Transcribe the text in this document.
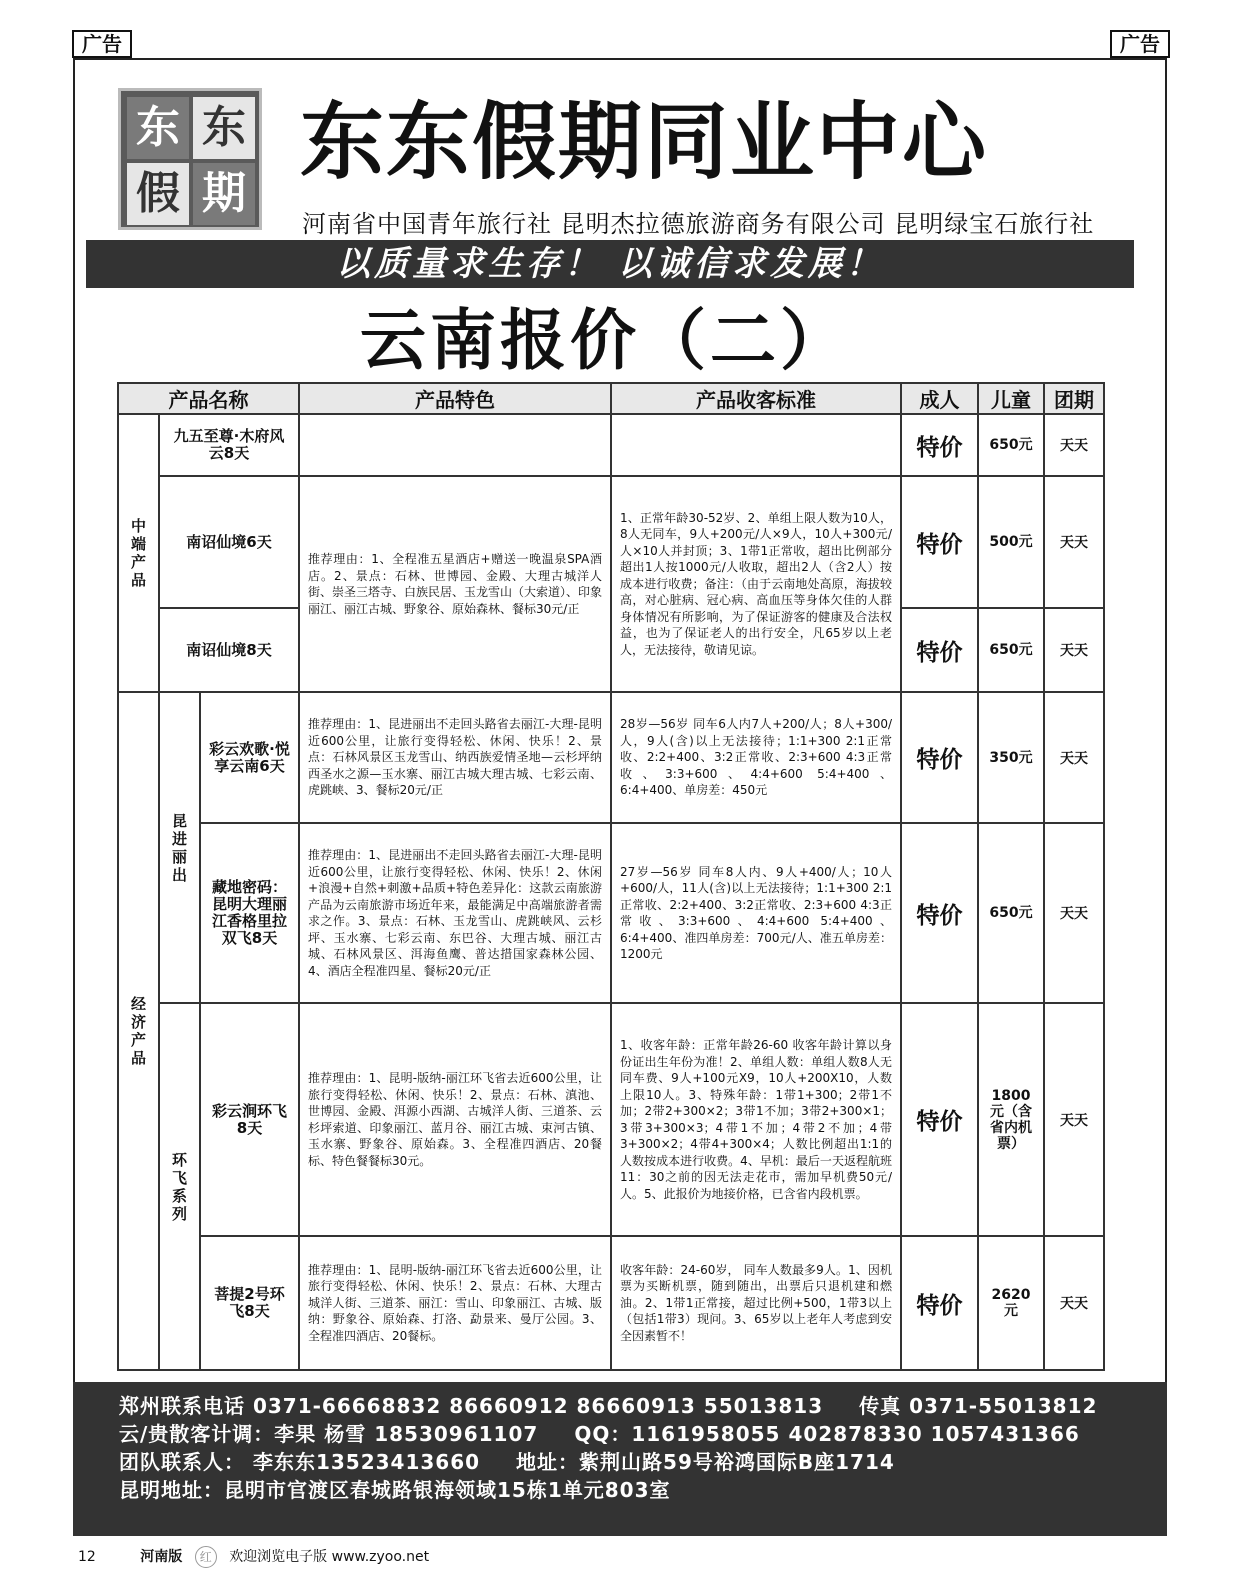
广告	广告
东 东
假 期
东东假期同业中心
河南省中国青年旅行社 昆明杰拉德旅游商务有限公司 昆明绿宝石旅行社
以质量求生存！ 以诚信求发展！
云南报价（二）
产品名称			产品特色	产品收客标准	成人	儿童	团期

中端产品	九五至尊·木府风云8天				特价	650元	天天
	南诏仙境6天		推荐理由：1、全程准五星酒店+赠送一晚温泉SPA酒店。2、景点：石林、世博园、金殿、大理古城洋人街、崇圣三塔寺、白族民居、玉龙雪山（大索道）、印象丽江、丽江古城、野象谷、原始森林、餐标30元/正	1、正常年龄30-52岁、2、单组上限人数为10人，8人无同车，9人+200元/人×9人，10人+300元/人×10人并封顶；3、1带1正常收，超出比例部分超出1人按1000元/人收取，超出2人（含2人）按成本进行收费；备注：（由于云南地处高原，海拔较高，对心脏病、冠心病、高血压等身体欠佳的人群身体情况有所影响，为了保证游客的健康及合法权益，也为了保证老人的出行安全，凡65岁以上老人，无法接待，敬请见谅。	特价	500元	天天
	南诏仙境8天				特价	650元	天天

经济产品	昆进丽出	彩云欢歌·悦享云南6天	推荐理由：1、昆进丽出不走回头路省去丽江-大理-昆明近600公里，让旅行变得轻松、休闲、快乐！2、景点：石林风景区玉龙雪山、纳西族爱情圣地—云杉坪纳西圣水之源—玉水寨、丽江古城大理古城、七彩云南、虎跳峡、3、餐标20元/正	28岁—56岁 同车6人内7人+200/人；8人+300/人，9人(含)以上无法接待；1:1+300 2:1正常收、2:2+400、3:2正常收、2:3+600 4:3正常收、3:3+600、4:4+600 5:4+400、6:4+400、单房差：450元	特价	350元	天天
		藏地密码：昆明大理丽江香格里拉双飞8天	推荐理由：1、昆进丽出不走回头路省去丽江-大理-昆明近600公里，让旅行变得轻松、休闲、快乐！2、休闲+浪漫+自然+刺激+品质+特色差异化：这款云南旅游产品为云南旅游市场近年来，最能满足中高端旅游者需求之作。3、景点：石林、玉龙雪山、虎跳峡风、云杉坪、玉水寨、七彩云南、东巴谷、大理古城、丽江古城、石林风景区、洱海鱼鹰、普达措国家森林公园、4、酒店全程准四星、餐标20元/正	27岁—56岁 同车8人内、9人+400/人；10人+600/人，11人(含)以上无法接待；1:1+300 2:1正常收、2:2+400、3:2正常收、2:3+600 4:3正常收、3:3+600、4:4+600 5:4+400、6:4+400、准四单房差：700元/人、准五单房差：1200元	特价	650元	天天

	环飞系列	彩云涧环飞8天	推荐理由：1、昆明-版纳-丽江环飞省去近600公里，让旅行变得轻松、休闲、快乐！2、景点：石林、滇池、世博园、金殿、洱源小西湖、古城洋人街、三道茶、云杉坪索道、印象丽江、蓝月谷、丽江古城、束河古镇、玉水寨、野象谷、原始森。3、全程准四酒店、20餐标、特色餐餐标30元。	1、收客年龄：正常年龄26-60 收客年龄计算以身份证出生年份为准！2、单组人数：单组人数8人无同车费、9人+100元X9，10人+200X10，人数上限10人。3、特殊年龄：1带1+300；2带1不加；2带2+300×2；3带1不加；3带2+300×1；3带3+300×3；4带1不加；4带2不加；4带3+300×2；4带4+300×4；人数比例超出1:1的人数按成本进行收费。4、早机：最后一天返程航班11：30之前的因无法走花市，需加早机费50元/人。5、此报价为地接价格，已含省内段机票。	特价	1800元（含省内机票）	天天
		菩提2号环飞8天	推荐理由：1、昆明-版纳-丽江环飞省去近600公里，让旅行变得轻松、休闲、快乐！2、景点：石林、大理古城洋人街、三道茶、丽江：雪山、印象丽江、古城、版纳：野象谷、原始森、打洛、勐景来、曼厅公园。3、全程准四酒店、20餐标。	收客年龄：24-60岁， 同车人数最多9人。1、因机票为买断机票，随到随出，出票后只退机建和燃油。2、1带1正常接，超过比例+500，1带3以上（包括1带3）现问。3、65岁以上老年人考虑到安全因素暂不！	特价	2620元	天天
郑州联系电话 0371-66668832 86660912 86660913 55013813 传真 0371-55013812
云/贵散客计调：李果 杨雪 18530961107 QQ：1161958055 402878330 1057431366
团队联系人： 李东东13523413660 地址：紫荆山路59号裕鸿国际B座1714
昆明地址：昆明市官渡区春城路银海领域15栋1单元803室
12	河南版 红 欢迎浏览电子版 www.zyoo.net
